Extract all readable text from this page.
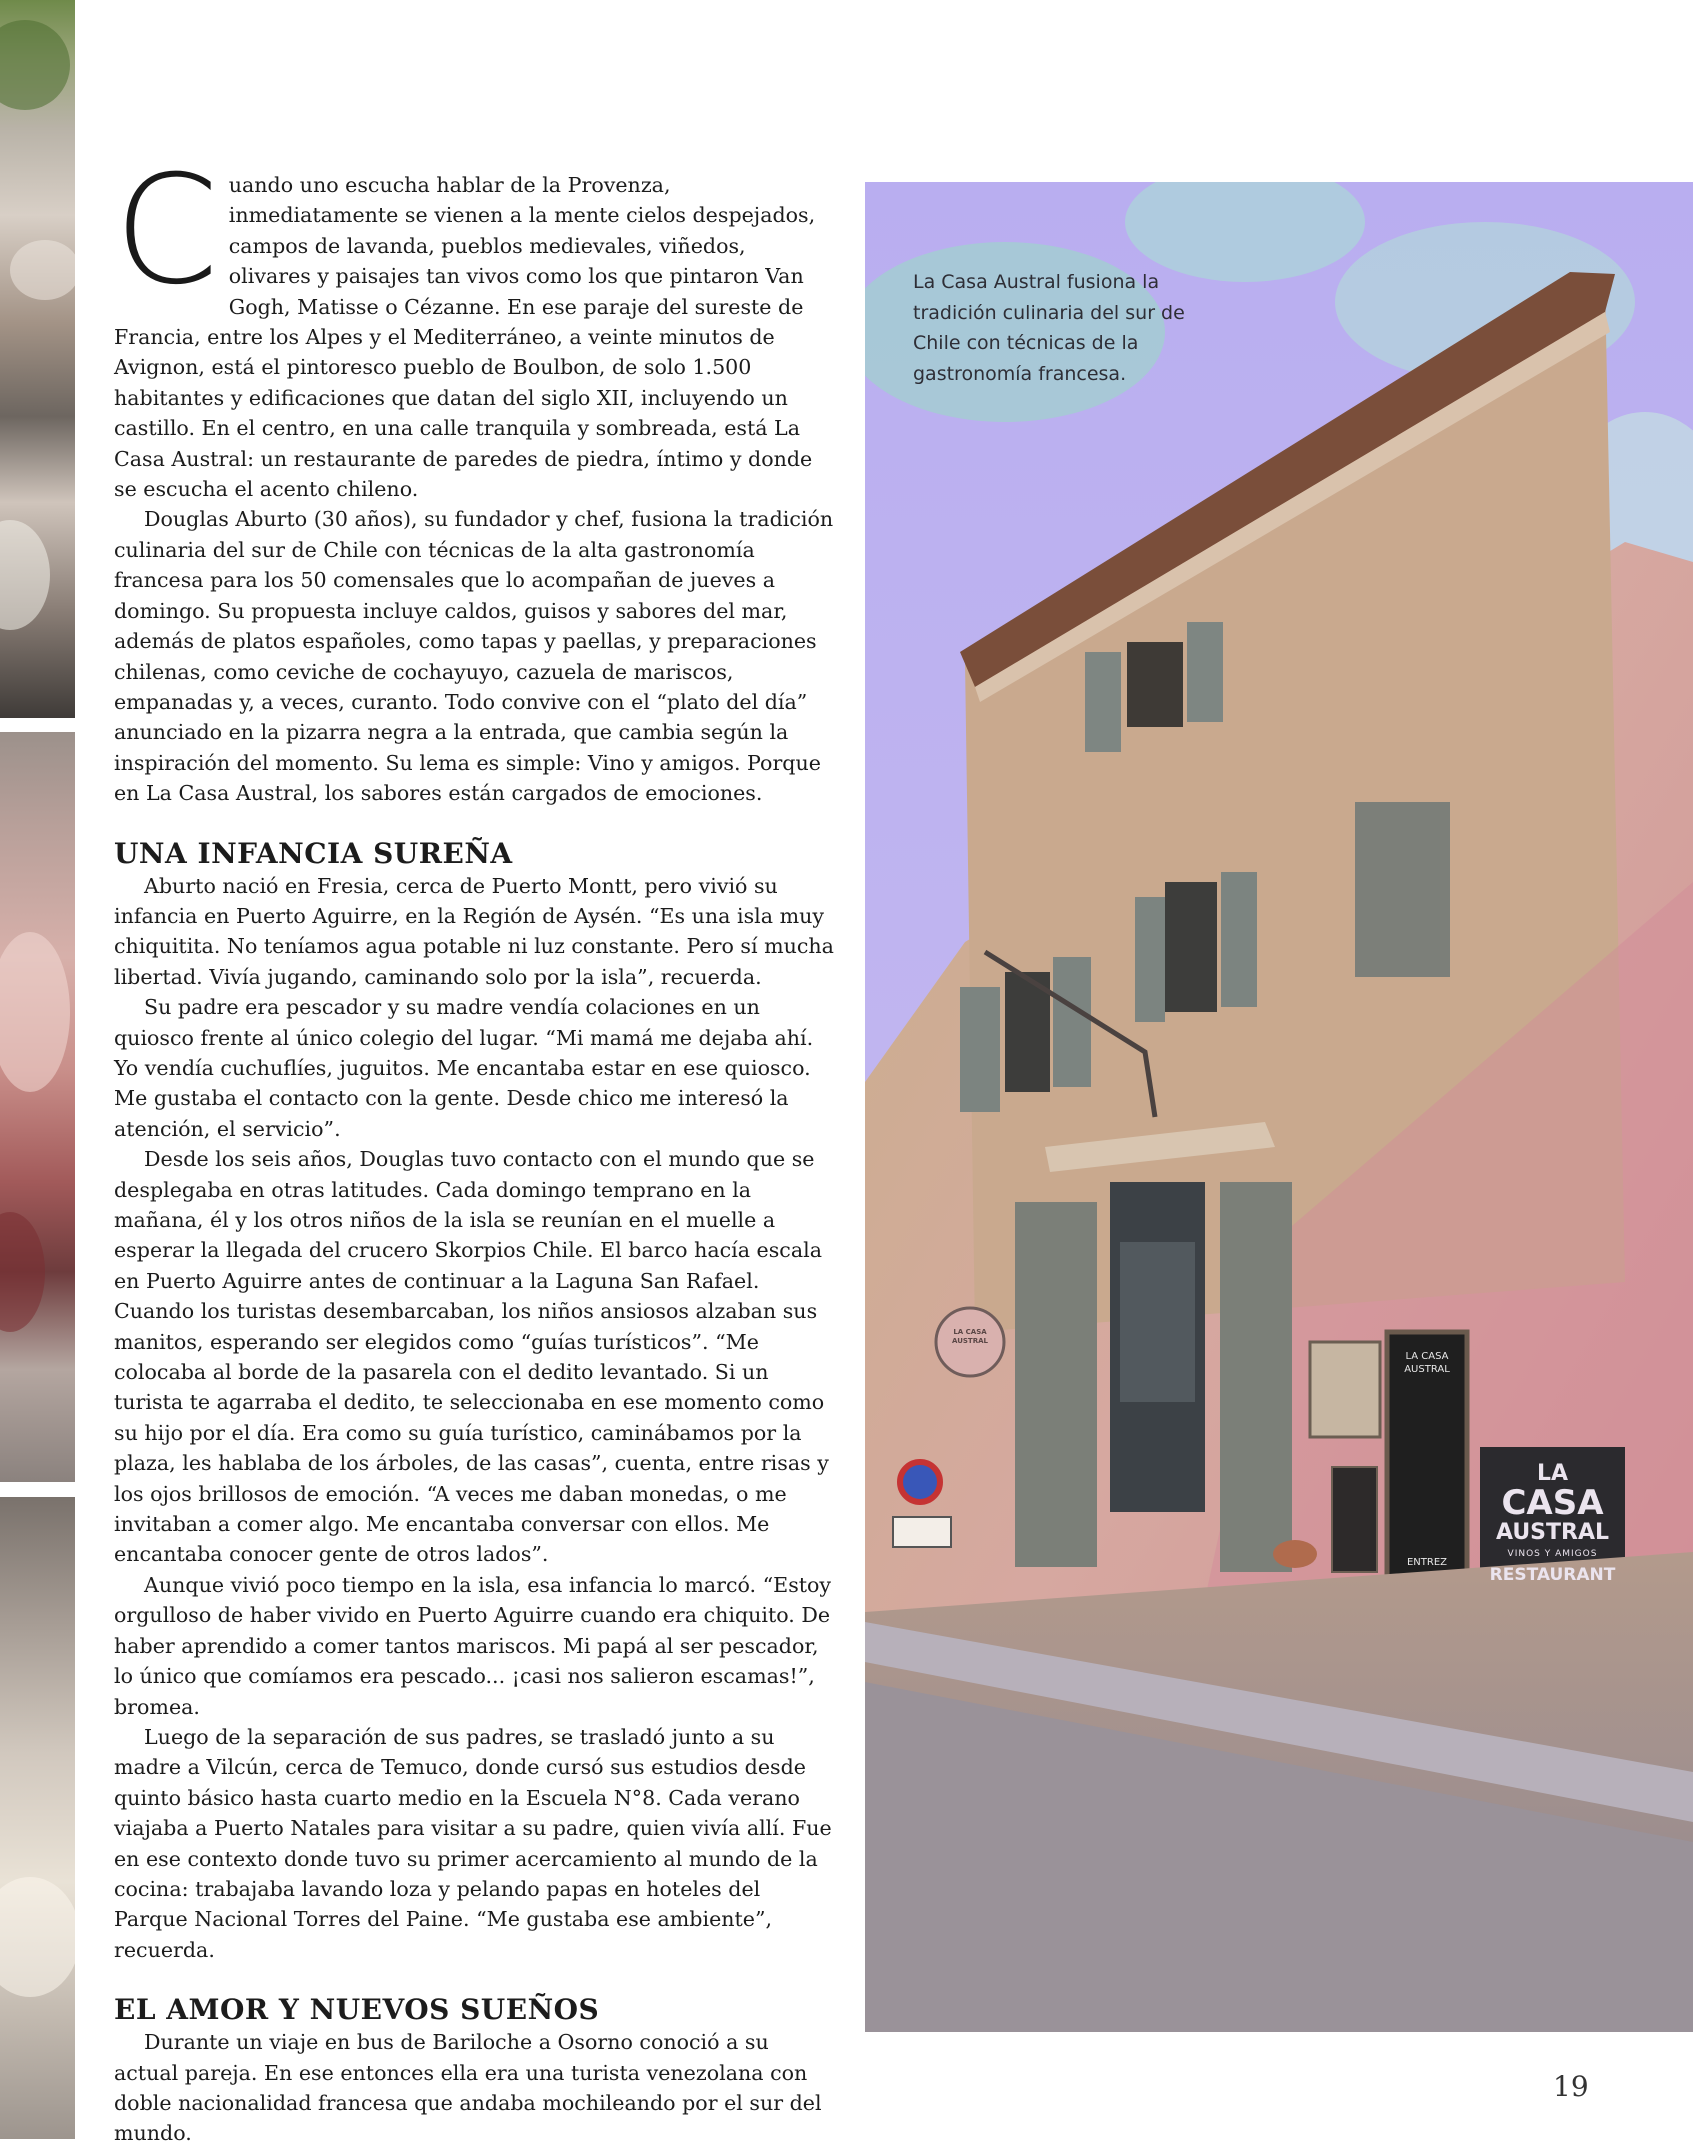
Cuando uno escucha hablar de la Provenza, inmediatamente se vienen a la mente cielos despejados, campos de lavanda, pueblos medievales, viñedos, olivares y paisajes tan vivos como los que pintaron Van Gogh, Matisse o Cézanne. En ese paraje del sureste de Francia, entre los Alpes y el Mediterráneo, a veinte minutos de Avignon, está el pintoresco pueblo de Boulbon, de solo 1.500 habitantes y edificaciones que datan del siglo XII, incluyendo un castillo. En el centro, en una calle tranquila y sombreada, está La Casa Austral: un restaurante de paredes de piedra, íntimo y donde se escucha el acento chileno.

Douglas Aburto (30 años), su fundador y chef, fusiona la tradición culinaria del sur de Chile con técnicas de la alta gastronomía francesa para los 50 comensales que lo acompañan de jueves a domingo. Su propuesta incluye caldos, guisos y sabores del mar, además de platos españoles, como tapas y paellas, y preparaciones chilenas, como ceviche de cochayuyo, cazuela de mariscos, empanadas y, a veces, curanto. Todo convive con el “plato del día” anunciado en la pizarra negra a la entrada, que cambia según la inspiración del momento. Su lema es simple: Vino y amigos. Porque en La Casa Austral, los sabores están cargados de emociones.

UNA INFANCIA SUREÑA

Aburto nació en Fresia, cerca de Puerto Montt, pero vivió su infancia en Puerto Aguirre, en la Región de Aysén. “Es una isla muy chiquitita. No teníamos agua potable ni luz constante. Pero sí mucha libertad. Vivía jugando, caminando solo por la isla”, recuerda.

Su padre era pescador y su madre vendía colaciones en un quiosco frente al único colegio del lugar. “Mi mamá me dejaba ahí. Yo vendía cuchuflíes, juguitos. Me encantaba estar en ese quiosco. Me gustaba el contacto con la gente. Desde chico me interesó la atención, el servicio”.

Desde los seis años, Douglas tuvo contacto con el mundo que se desplegaba en otras latitudes. Cada domingo temprano en la mañana, él y los otros niños de la isla se reunían en el muelle a esperar la llegada del crucero Skorpios Chile. El barco hacía escala en Puerto Aguirre antes de continuar a la Laguna San Rafael. Cuando los turistas desembarcaban, los niños ansiosos alzaban sus manitos, esperando ser elegidos como “guías turísticos”. “Me colocaba al borde de la pasarela con el dedito levantado. Si un turista te agarraba el dedito, te seleccionaba en ese momento como su hijo por el día. Era como su guía turístico, caminábamos por la plaza, les hablaba de los árboles, de las casas”, cuenta, entre risas y los ojos brillosos de emoción. “A veces me daban monedas, o me invitaban a comer algo. Me encantaba conversar con ellos. Me encantaba conocer gente de otros lados”.

Aunque vivió poco tiempo en la isla, esa infancia lo marcó. “Estoy orgulloso de haber vivido en Puerto Aguirre cuando era chiquito. De haber aprendido a comer tantos mariscos. Mi papá al ser pescador, lo único que comíamos era pescado... ¡casi nos salieron escamas!”, bromea.

Luego de la separación de sus padres, se trasladó junto a su madre a Vilcún, cerca de Temuco, donde cursó sus estudios desde quinto básico hasta cuarto medio en la Escuela N°8. Cada verano viajaba a Puerto Natales para visitar a su padre, quien vivía allí. Fue en ese contexto donde tuvo su primer acercamiento al mundo de la cocina: trabajaba lavando loza y pelando papas en hoteles del Parque Nacional Torres del Paine. “Me gustaba ese ambiente”, recuerda.

EL AMOR Y NUEVOS SUEÑOS

Durante un viaje en bus de Bariloche a Osorno conoció a su actual pareja. En ese entonces ella era una turista venezolana con doble nacionalidad francesa que andaba mochileando por el sur del mundo.

La Casa Austral fusiona la tradición culinaria del sur de Chile con técnicas de la gastronomía francesa.
LA
CASA
AUSTRAL
VINOS Y AMIGOS
RESTAURANT
LA CASA AUSTRAL
LA CASA AUSTRAL
ENTREZ
19
